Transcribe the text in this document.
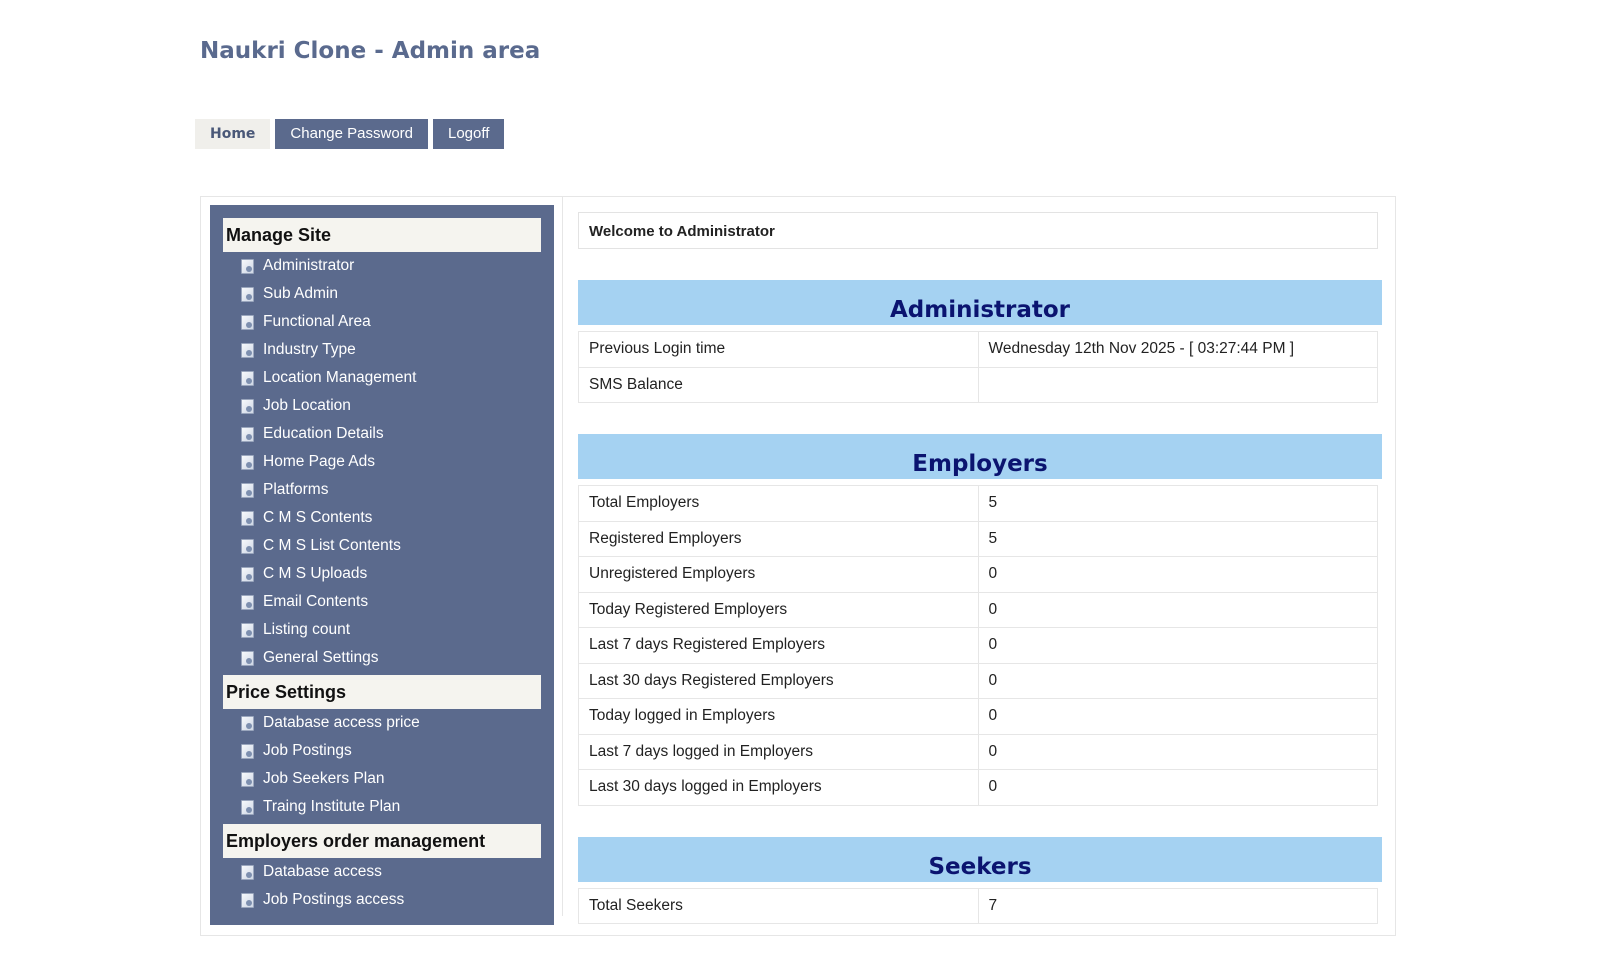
Naukri Clone - Admin area
Home	Change Password	Logoff
Manage Site
Administrator
Sub Admin
Functional Area
Industry Type
Location Management
Job Location
Education Details
Home Page Ads
Platforms
C M S Contents
C M S List Contents
C M S Uploads
Email Contents
Listing count
General Settings
Price Settings
Database access price
Job Postings
Job Seekers Plan
Traing Institute Plan
Employers order management
Database access
Job Postings access
Welcome to Administrator
Administrator
Previous Login time	Wednesday 12th Nov 2025 - [ 03:27:44 PM ]
SMS Balance	
Employers
Total Employers	5
Registered Employers	5
Unregistered Employers	0
Today Registered Employers	0
Last 7 days Registered Employers	0
Last 30 days Registered Employers	0
Today logged in Employers	0
Last 7 days logged in Employers	0
Last 30 days logged in Employers	0
Seekers
Total Seekers	7
